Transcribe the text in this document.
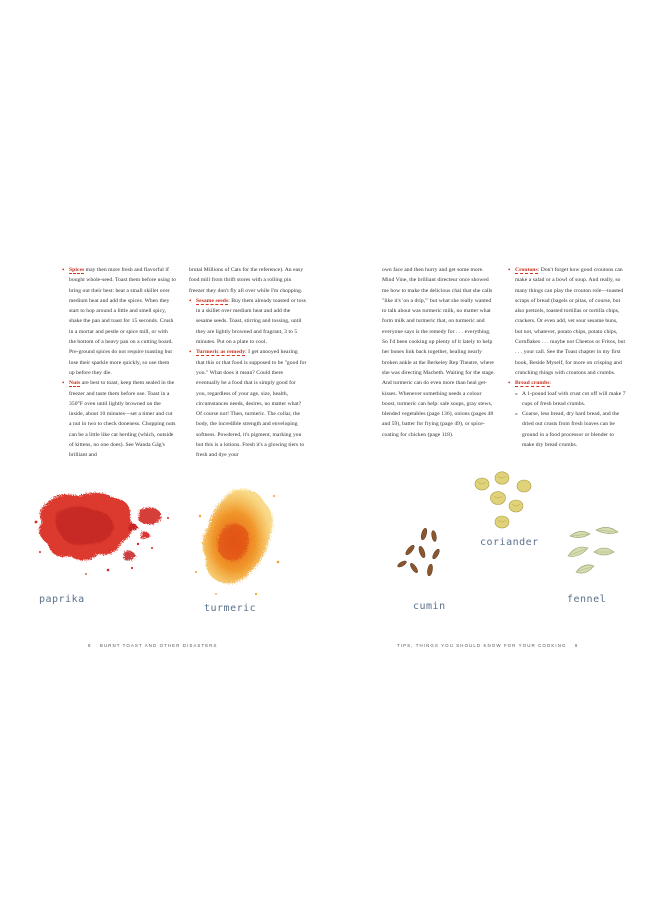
• Spices may then more fresh and flavorful if bought whole-seed. Toast them before using to bring out their best: heat a small skillet over medium heat and add the spices. When they start to hop around a little and smell spicy, shake the pan and toast for 15 seconds. Crush in a mortar and pestle or spice mill, or with the bottom of a heavy pan on a cutting board. Pre-ground spices do not require toasting but lose their sparkle more quickly, so use them up before they die.

• Nuts are best to toast, keep them sealed in the freezer and taste them before use. Toast in a 350°F oven until lightly browned on the inside, about 10 minutes—set a timer and cut a nut in two to check doneness. Chopping nuts can be a little like cat herding (which, outside of kittens, no one does). See Wanda Gág's brilliant and

brutal Millions of Cats for the reference). An easy food mill from thrift stores with a rolling pin freezer they don't fly all over while I'm chopping.

• Sesame seeds: Buy them already toasted or toss in a skillet over medium heat and add the sesame seeds. Toast, stirring and tossing, until they are lightly browned and fragrant, 3 to 5 minutes. Put on a plate to cool.

• Turmeric as remedy: I get annoyed hearing that this or that food is supposed to be "good for you." What does it mean? Could there eventually be a food that is simply good for you, regardless of your age, size, health, circumstances needs, desires, no matter what? Of course not! Then, turmeric. The collar, the body, the incredible strength and enveloping softness. Powdered, it's pigment, marking you but this is a lotions. Fresh it's a glowing tiers to fresh and dye your

own face and then hurry and get some more. Mind Vine, the brilliant directeur once showed me how to make the delicious chai that she calls "like it's 'on a drip,'" but what she really wanted to talk about was turmeric milk, no matter what form milk and turmeric that, on turmeric and everyone says is the remedy for . . . everything. So I'd been cooking up plenty of it lately to help her bones link back together, healing nearly broken ankle at the Berkeley Rep Theatre, where she was directing Macbeth. Waiting for the stage. And turmeric can do even more than heal get-kisses. Whenever something needs a colour boost, turmeric can help: sale soups, gray stews, blended vegetables (page 136), onions (pages 48 and 59), batter for frying (page 49), or spice-coating for chicken (page 118).

• Croutons: Don't forget how good croutons can make a salad or a bowl of soup. And really, so many things can play the crouton role—toasted scraps of bread (bagels or pitas, of course, but also pretzels, toasted tortillas or tortilla chips, crackers. Or even add, vet sour sesame buns, but not, whatever, potato chips, potato chips, Cornflakes . . . maybe not Cheetos or Fritos, but . . . your call. See the Toast chapter in my first book, Beside Myself, for more on crisping and crunching things with croutons and crumbs.

• Bread crumbs:

» A 1-pound loaf with crust cut off will make 7 cups of fresh bread crumbs.

» Coarse, less bread, dry hard bread, and the dried out crusts from fresh loaves can be ground in a food processor or blender to make dry bread crumbs.

paprika
turmeric	cumin
coriander
fennel
8 BURNT TOAST AND OTHER DISASTERS	TIPS, THINGS YOU SHOULD KNOW FOR YOUR COOKING 9
